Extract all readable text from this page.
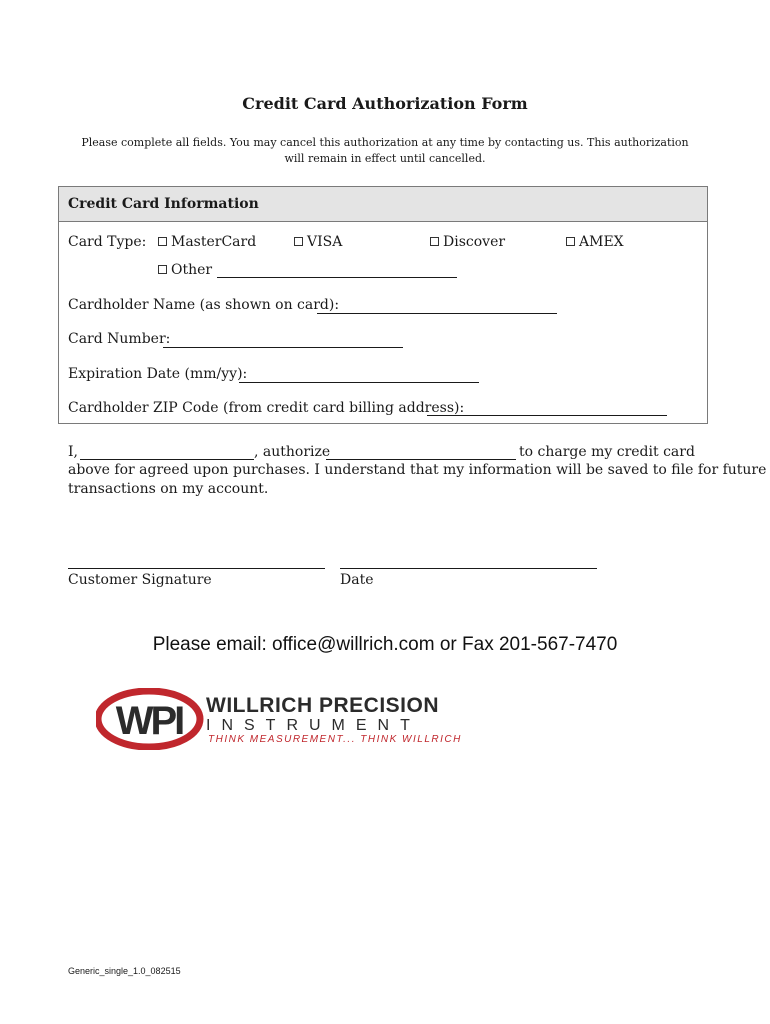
Credit Card Authorization Form
Please complete all fields. You may cancel this authorization at any time by contacting us. This authorization will remain in effect until cancelled.
Credit Card Information
Card Type:	MasterCard	VISA	Discover	AMEX
Other
Cardholder Name (as shown on card):
Card Number:
Expiration Date (mm/yy):
Cardholder ZIP Code (from credit card billing address):
I,	, authorize	to charge my credit card
above for agreed upon purchases. I understand that my information will be saved to file for future
transactions on my account.
Customer Signature	Date
Please email: office@willrich.com or Fax 201-567-7470
WPI WILLRICH PRECISION
INSTRUMENT
THINK MEASUREMENT... THINK WILLRICH
Generic_single_1.0_082515
